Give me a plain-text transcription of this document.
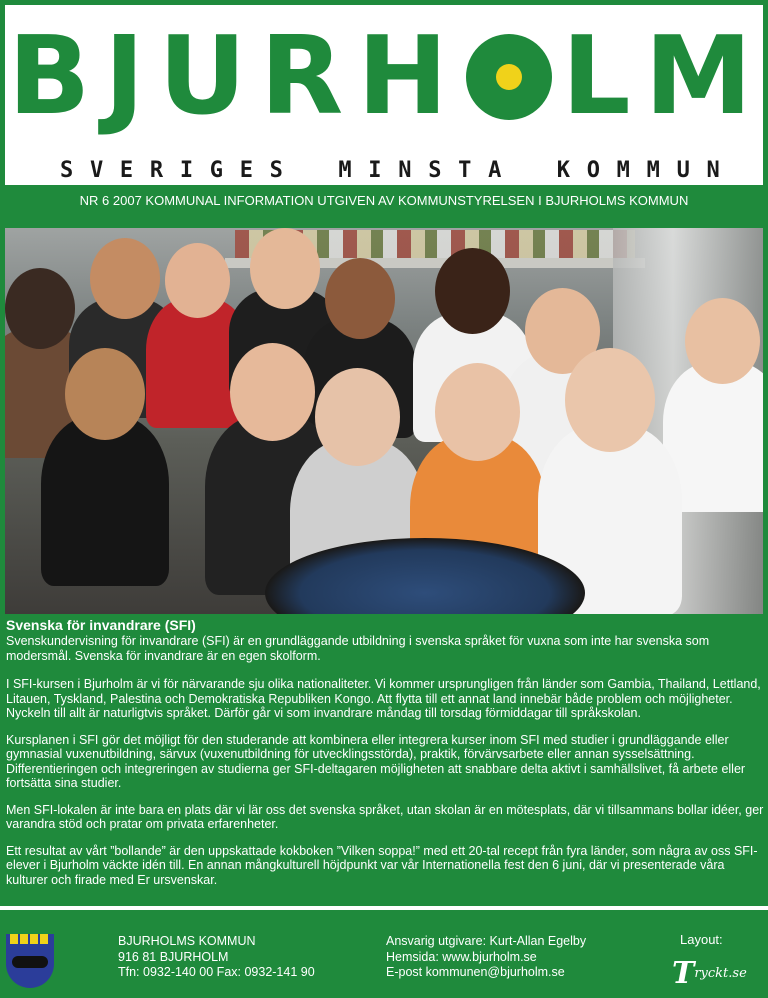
B J U R H L M
S V E R I G E S	M I N S T A	K O M M U N
NR 6 2007 KOMMUNAL INFORMATION UTGIVEN AV KOMMUNSTYRELSEN I BJURHOLMS KOMMUN
Svenska för invandrare (SFI)

Svenskundervisning för invandrare (SFI) är en grundläggande utbildning i svenska språket för vuxna som inte har svenska som modersmål. Svenska för invandrare är en egen skolform.

I SFI-kursen i Bjurholm är vi för närvarande sju olika nationaliteter. Vi kommer ursprungligen från länder som Gambia, Thailand, Lettland, Litauen, Tyskland, Palestina och Demokratiska Republiken Kongo. Att flytta till ett annat land innebär både problem och möjligheter. Nyckeln till allt är naturligtvis språket. Därför går vi som invandrare måndag till torsdag förmiddagar till språkskolan.

Kursplanen i SFI gör det möjligt för den studerande att kombinera eller integrera kurser inom SFI med studier i grundläggande eller gymnasial vuxenutbildning, särvux (vuxenutbildning för utvecklingsstörda), praktik, förvärvsarbete eller annan sysselsättning. Differentieringen och integreringen av studierna ger SFI-deltagaren möjligheten att snabbare delta aktivt i samhällslivet, få arbete eller fortsätta sina studier.

Men SFI-lokalen är inte bara en plats där vi lär oss det svenska språket, utan skolan är en mötesplats, där vi tillsammans bollar idéer, ger varandra stöd och pratar om privata erfarenheter.

Ett resultat av vårt ”bollande” är den uppskattade kokboken ”Vilken soppa!” med ett 20-tal recept från fyra länder, som några av oss SFI-elever i Bjurholm väckte idén till. En annan mångkulturell höjdpunkt var vår Internationella fest den 6 juni, där vi presenterade våra kulturer och firade med Er ursvenskar.

BJURHOLMS KOMMUN
916 81 BJURHOLM
Tfn: 0932-140 00 Fax: 0932-141 90
Ansvarig utgivare: Kurt-Allan Egelby
Hemsida: www.bjurholm.se
E-post kommunen@bjurholm.se
Layout:
Tryckt.se
